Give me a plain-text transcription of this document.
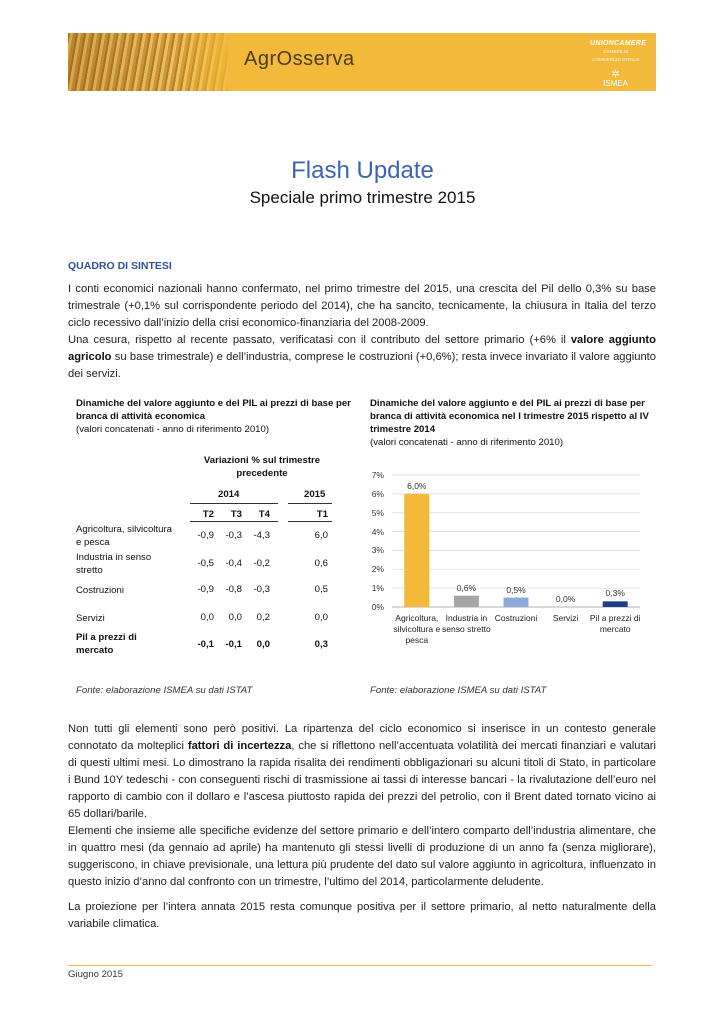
AgrOsserva
UNIONCAMERE
CAMERE DI COMMERCIO D'ITALIA
✲
ISMEA
Flash Update
Speciale primo trimestre 2015
QUADRO DI SINTESI
I conti economici nazionali hanno confermato, nel primo trimestre del 2015, una crescita del Pil dello 0,3% su base trimestrale (+0,1% sul corrispondente periodo del 2014), che ha sancito, tecnicamente, la chiusura in Italia del terzo ciclo recessivo dall’inizio della crisi economico-finanziaria del 2008-2009.
Una cesura, rispetto al recente passato, verificatasi con il contributo del settore primario (+6% il valore aggiunto agricolo su base trimestrale) e dell’industria, comprese le costruzioni (+0,6%); resta invece invariato il valore aggiunto dei servizi.
Dinamiche del valore aggiunto e del PIL ai prezzi di base per branca di attività economica
(valori concatenati - anno di riferimento 2010)
Variazioni % sul trimestre precedente
2014	2015
T2	T3	T4	T1
Agricoltura, silvicoltura e pesca
-0,9	-0,3	-4,3	6,0
Industria in senso stretto
-0,5	-0,4	-0,2	0,6
Costruzioni	-0,9	-0,8	-0,3	0,5
Servizi	0,0	0,0	0,2	0,0
Pil a prezzi di mercato
-0,1	-0,1	0,0	0,3
Fonte: elaborazione ISMEA su dati ISTAT
Dinamiche del valore aggiunto e del PIL ai prezzi di base per branca di attività economica nel I trimestre 2015 rispetto al IV trimestre 2014
(valori concatenati - anno di riferimento 2010)
0%
1%
2%
3%
4%
5%
6%
7%
6,0%
Agricoltura, silvicoltura e pesca
0,6%
Industria in senso stretto
0,5%
Costruzioni
0,0%
Servizi
0,3%
Pil a prezzi di mercato
Fonte: elaborazione ISMEA su dati ISTAT
Non tutti gli elementi sono però positivi. La ripartenza del ciclo economico si inserisce in un contesto generale connotato da molteplici fattori di incertezza, che si riflettono nell’accentuata volatilità dei mercati finanziari e valutari di questi ultimi mesi. Lo dimostrano la rapida risalita dei rendimenti obbligazionari su alcuni titoli di Stato, in particolare i Bund 10Y tedeschi - con conseguenti rischi di trasmissione ai tassi di interesse bancari - la rivalutazione dell’euro nel rapporto di cambio con il dollaro e l’ascesa piuttosto rapida dei prezzi del petrolio, con il Brent dated tornato vicino ai 65 dollari/barile.
Elementi che insieme alle specifiche evidenze del settore primario e dell’intero comparto dell’industria alimentare, che in quattro mesi (da gennaio ad aprile) ha mantenuto gli stessi livelli di produzione di un anno fa (senza migliorare), suggeriscono, in chiave previsionale, una lettura più prudente del dato sul valore aggiunto in agricoltura, influenzato in questo inizio d’anno dal confronto con un trimestre, l’ultimo del 2014, particolarmente deludente.
La proiezione per l’intera annata 2015 resta comunque positiva per il settore primario, al netto naturalmente della variabile climatica.
Giugno 2015
